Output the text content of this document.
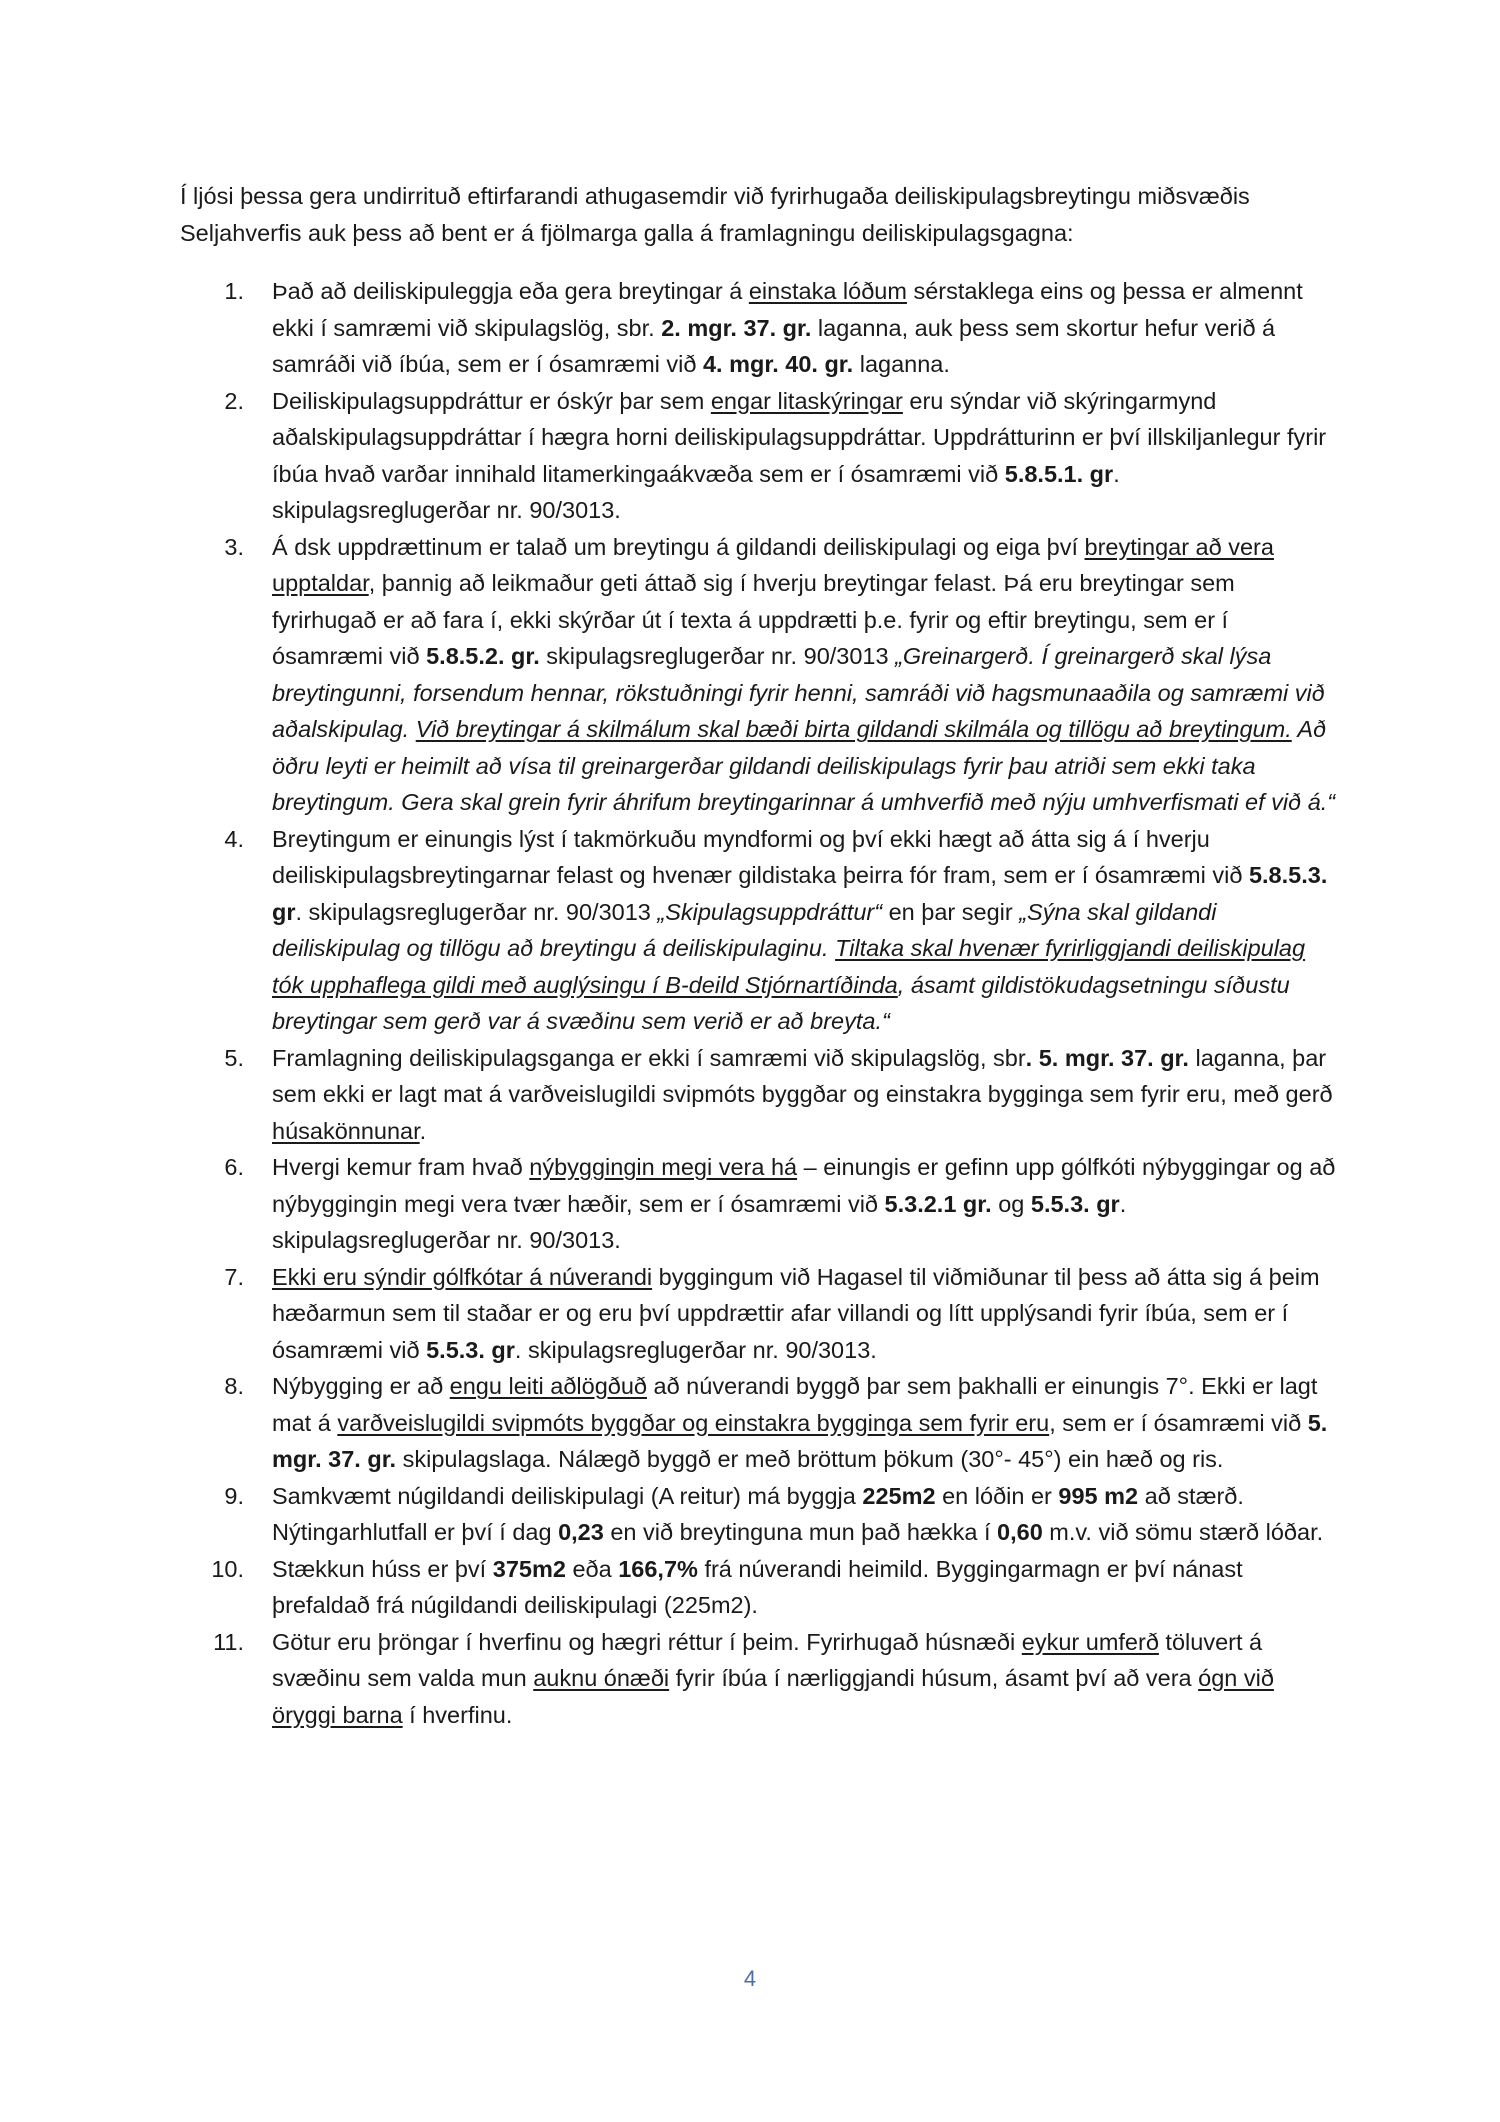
Í ljósi þessa gera undirrituð eftirfarandi athugasemdir við fyrirhugaða deiliskipulagsbreytingu miðsvæðis Seljahverfis auk þess að bent er á fjölmarga galla á framlagningu deiliskipulagsgagna:

1. Það að deiliskipuleggja eða gera breytingar á einstaka lóðum sérstaklega eins og þessa er almennt ekki í samræmi við skipulagslög, sbr. 2. mgr. 37. gr. laganna, auk þess sem skortur hefur verið á samráði við íbúa, sem er í ósamræmi við 4. mgr. 40. gr. laganna.
2. Deiliskipulagsuppdráttur er óskýr þar sem engar litaskýringar eru sýndar við skýringarmynd aðalskipulagsuppdráttar í hægra horni deiliskipulagsuppdráttar. Uppdrátturinn er því illskiljanlegur fyrir íbúa hvað varðar innihald litamerkingaákvæða sem er í ósamræmi við 5.8.5.1. gr. skipulagsreglugerðar nr. 90/3013.
3. Á dsk uppdrættinum er talað um breytingu á gildandi deiliskipulagi og eiga því breytingar að vera upptaldar, þannig að leikmaður geti áttað sig í hverju breytingar felast. Þá eru breytingar sem fyrirhugað er að fara í, ekki skýrðar út í texta á uppdrætti þ.e. fyrir og eftir breytingu, sem er í ósamræmi við 5.8.5.2. gr. skipulagsreglugerðar nr. 90/3013 „Greinargerð. Í greinargerð skal lýsa breytingunni, forsendum hennar, rökstuðningi fyrir henni, samráði við hagsmunaaðila og samræmi við aðalskipulag. Við breytingar á skilmálum skal bæði birta gildandi skilmála og tillögu að breytingum. Að öðru leyti er heimilt að vísa til greinargerðar gildandi deiliskipulags fyrir þau atriði sem ekki taka breytingum. Gera skal grein fyrir áhrifum breytingarinnar á umhverfið með nýju umhverfismati ef við á.“
4. Breytingum er einungis lýst í takmörkuðu myndformi og því ekki hægt að átta sig á í hverju deiliskipulagsbreytingarnar felast og hvenær gildistaka þeirra fór fram, sem er í ósamræmi við 5.8.5.3. gr. skipulagsreglugerðar nr. 90/3013 „Skipulagsuppdráttur“ en þar segir „Sýna skal gildandi deiliskipulag og tillögu að breytingu á deiliskipulaginu. Tiltaka skal hvenær fyrirliggjandi deiliskipulag tók upphaflega gildi með auglýsingu í B-deild Stjórnartíðinda, ásamt gildistökudagsetningu síðustu breytingar sem gerð var á svæðinu sem verið er að breyta.“
5. Framlagning deiliskipulagsganga er ekki í samræmi við skipulagslög, sbr. 5. mgr. 37. gr. laganna, þar sem ekki er lagt mat á varðveislugildi svipmóts byggðar og einstakra bygginga sem fyrir eru, með gerð húsakönnunar.
6. Hvergi kemur fram hvað nýbyggingin megi vera há – einungis er gefinn upp gólfkóti nýbyggingar og að nýbyggingin megi vera tvær hæðir, sem er í ósamræmi við 5.3.2.1 gr. og 5.5.3. gr. skipulagsreglugerðar nr. 90/3013.
7. Ekki eru sýndir gólfkótar á núverandi byggingum við Hagasel til viðmiðunar til þess að átta sig á þeim hæðarmun sem til staðar er og eru því uppdrættir afar villandi og lítt upplýsandi fyrir íbúa, sem er í ósamræmi við 5.5.3. gr. skipulagsreglugerðar nr. 90/3013.
8. Nýbygging er að engu leiti aðlögðuð að núverandi byggð þar sem þakhalli er einungis 7°. Ekki er lagt mat á varðveislugildi svipmóts byggðar og einstakra bygginga sem fyrir eru, sem er í ósamræmi við 5. mgr. 37. gr. skipulagslaga. Nálægð byggð er með bröttum þökum (30°- 45°) ein hæð og ris.
9. Samkvæmt núgildandi deiliskipulagi (A reitur) má byggja 225m2 en lóðin er 995 m2 að stærð. Nýtingarhlutfall er því í dag 0,23 en við breytinguna mun það hækka í 0,60 m.v. við sömu stærð lóðar.
10. Stækkun húss er því 375m2 eða 166,7% frá núverandi heimild. Byggingarmagn er því nánast þrefaldað frá núgildandi deiliskipulagi (225m2).
11. Götur eru þröngar í hverfinu og hægri réttur í þeim. Fyrirhugað húsnæði eykur umferð töluvert á svæðinu sem valda mun auknu ónæði fyrir íbúa í nærliggjandi húsum, ásamt því að vera ógn við öryggi barna í hverfinu.
4
